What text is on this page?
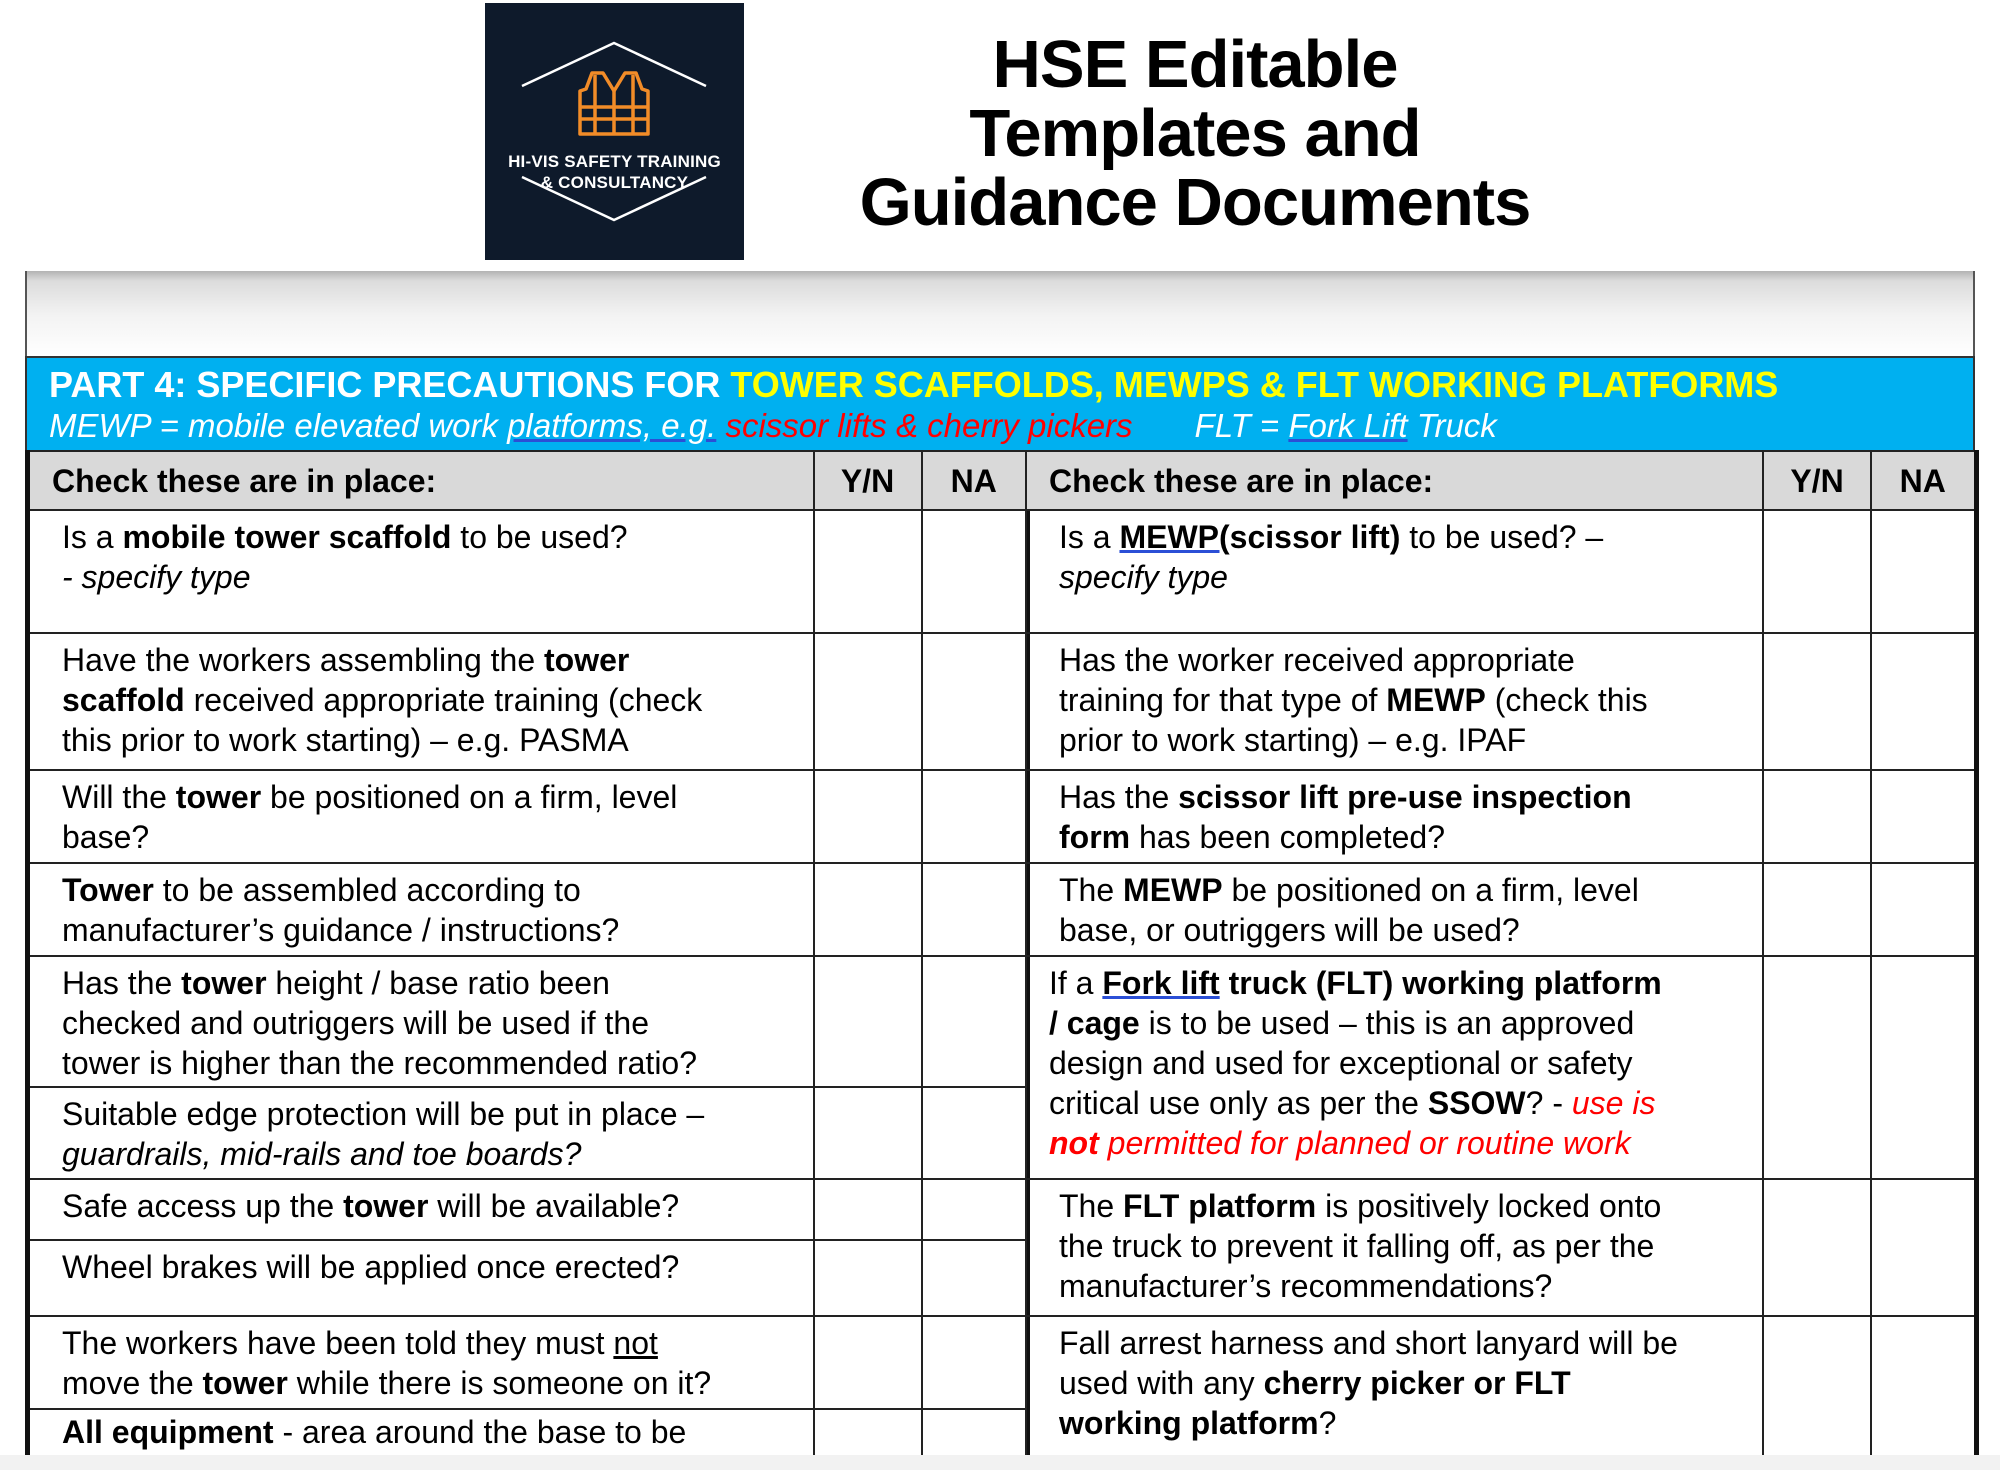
HI-VIS SAFETY TRAINING
& CONSULTANCY
HSE Editable
Templates and
Guidance Documents
PART 4: SPECIFIC PRECAUTIONS FOR TOWER SCAFFOLDS, MEWPS & FLT WORKING PLATFORMS
MEWP = mobile elevated work platforms, e.g. scissor lifts & cherry pickers FLT = Fork Lift Truck
Check these are in place:	Y/N	NA

Is a mobile tower scaffold to be used?
- specify type		

Have the workers assembling the tower
scaffold received appropriate training (check
this prior to work starting) – e.g. PASMA		

Will the tower be positioned on a firm, level
base?		

Tower to be assembled according to
manufacturer’s guidance / instructions?		

Has the tower height / base ratio been
checked and outriggers will be used if the
tower is higher than the recommended ratio?		

Suitable edge protection will be put in place –
guardrails, mid-rails and toe boards?		

Safe access up the tower will be available?		

Wheel brakes will be applied once erected?		

The workers have been told they must not
move the tower while there is someone on it?		

All equipment - area around the base to be		

Check these are in place:	Y/N	NA

Is a MEWP(scissor lift) to be used? –
specify type		

Has the worker received appropriate
training for that type of MEWP (check this
prior to work starting) – e.g. IPAF		

Has the scissor lift pre-use inspection
form has been completed?		

The MEWP be positioned on a firm, level
base, or outriggers will be used?		

If a Fork lift truck (FLT) working platform
/ cage is to be used – this is an approved
design and used for exceptional or safety
critical use only as per the SSOW? - use is
not permitted for planned or routine work		

The FLT platform is positively locked onto
the truck to prevent it falling off, as per the
manufacturer’s recommendations?		

Fall arrest harness and short lanyard will be
used with any cherry picker or FLT
working platform?		
